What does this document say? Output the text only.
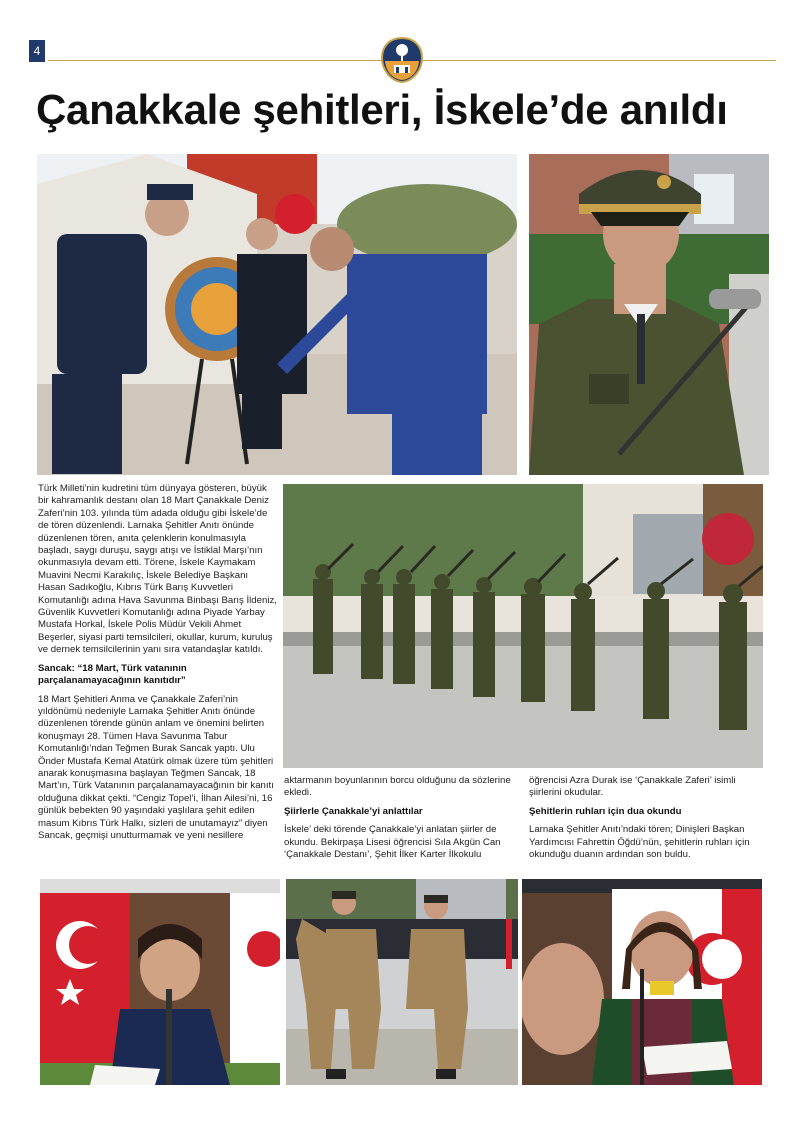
4
Çanakkale şehitleri, İskele’de anıldı

Türk Milleti’nin kudretini tüm dünyaya gösteren, büyük bir kahramanlık destanı olan 18 Mart Çanakkale Deniz Zaferi’nin 103. yılında tüm adada olduğu gibi İskele’de de tören düzenlendi. Larnaka Şehitler Anıtı önünde düzenlenen tören, anıta çelenklerin konulmasıyla başladı, saygı duruşu, saygı atışı ve İstiklal Marşı’nın okunmasıyla devam etti. Törene, İskele Kaymakam Muavini Necmi Karakılıç, İskele Belediye Başkanı Hasan Sadıkoğlu, Kıbrıs Türk Barış Kuvvetleri Komutanlığı adına Hava Savunma Binbaşı Barış İldeniz, Güvenlik Kuvvetleri Komutanlığı adına Piyade Yarbay Mustafa Horkal, İskele Polis Müdür Vekili Ahmet Beşerler, siyasi parti temsilcileri, okullar, kurum, kuruluş ve dernek temsilcilerinin yanı sıra vatandaşlar katıldı.

Sancak: “18 Mart, Türk vatanının parçalanamayacağının kanıtıdır”

18 Mart Şehitleri Anma ve Çanakkale Zaferi’nin yıldönümü nedeniyle Larnaka Şehitler Anıtı önünde düzenlenen törende günün anlam ve önemini belirten konuşmayı 28. Tümen Hava Savunma Tabur Komutanlığı’ndan Teğmen Burak Sancak yaptı. Ulu Önder Mustafa Kemal Atatürk olmak üzere tüm şehitleri anarak konuşmasına başlayan Teğmen Sancak, 18 Mart’ın, Türk Vatanının parçalanamayacağının bir kanıtı olduğuna dikkat çekti. “Cengiz Topel’i, İlhan Ailesi’ni, 16 günlük bebekten 90 yaşındaki yaşlılara şehit edilen masum Kıbrıs Türk Halkı, sizleri de unutamayız” diyen Sancak, geçmişi unutturmamak ve yeni nesillere

aktarmanın boyunlarının borcu olduğunu da sözlerine ekledi.

Şiirlerle Çanakkale’yi anlattılar

İskele’ deki törende Çanakkale’yi anlatan şiirler de okundu. Bekirpaşa Lisesi öğrencisi Sıla Akgün Can ‘Çanakkale Destanı’, Şehit İlker Karter İlkokulu

öğrencisi Azra Durak ise ‘Çanakkale Zaferi’ isimli şiirlerini okudular.

Şehitlerin ruhları için dua okundu

Larnaka Şehitler Anıtı’ndaki tören; Dinişleri Başkan Yardımcısı Fahrettin Öğdü’nün, şehitlerin ruhları için okunduğu duanın ardından son buldu.
